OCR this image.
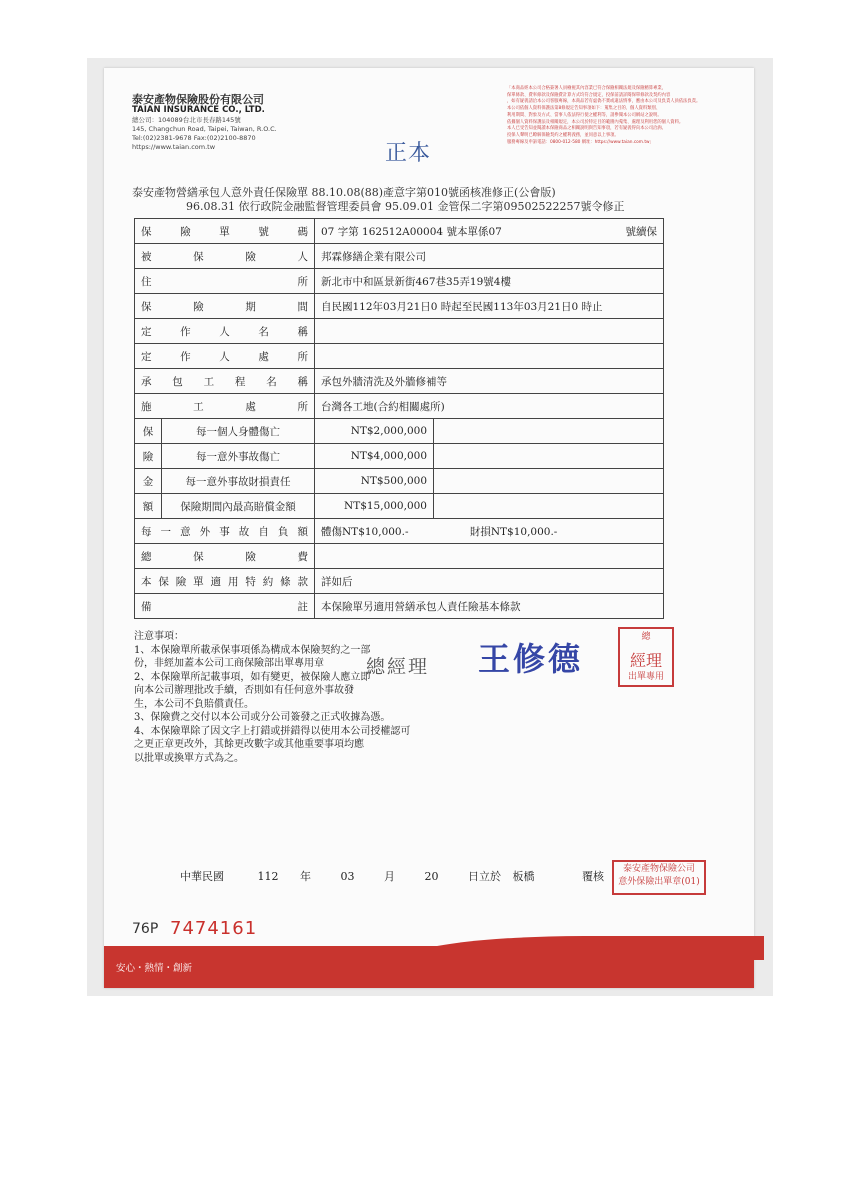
泰安產物保險股份有限公司
TAIAN INSURANCE CO., LTD.
總公司：104089台北市長春路145號
145, Changchun Road, Taipei, Taiwan, R.O.C.
Tel:(02)2381-9678 Fax:(02)2100-8870
https://www.taian.com.tw
「本商品經本公司合格簽署人員檢視其內容業已符合保險相關法規及保險精算專業，
保單條款、費率條款及保險費計算方式均符合規定，投保前請詳閱保單條款及契約內容
，如有疑義請洽本公司客服專線，本商品若有虛偽不實或違法情事，應由本公司及負責人員依法負責。
本公司依個人資料保護法第8條規定告知事項如下：蒐集之目的、個人資料類別、
利用期間、對象及方式、當事人依法得行使之權利等，請參閱本公司網站之說明。
依據個人資料保護法及相關規定，本公司於特定目的範圍內蒐集、處理及利用您的個人資料。
本人已受告知並閱讀本保險商品之相關說明與告知事項，若有疑義得向本公司洽詢。
投保人聲明已瞭解保險契約之權利義務，並同意以上事項。
服務專線及申訴電話：0800-012-580 網址：https://www.taian.com.tw」
正本
泰安產物營繕承包人意外責任保險單 88.10.08(88)產意字第010號函核准修正(公會版)
96.08.31 依行政院金融監督管理委員會 95.09.01 金管保二字第09502522257號令修正
保險單號碼		07 字第 162512A00004 號本單係07 號續保	

被保險人		邦霖修繕企業有限公司	
住所		新北市中和區景新街467巷35弄19號4樓	
保險期間		自民國112年03月21日0 時起至民國113年03月21日0 時止	
定作人名稱			
定作人處所			
承包工程名稱		承包外牆清洗及外牆修補等	
施工處所		台灣各工地(合約相關處所)	
保	每一個人身體傷亡	NT$2,000,000	
險	每一意外事故傷亡	NT$4,000,000	
金	每一意外事故財損責任	NT$500,000	
額	保險期間內最高賠償金額	NT$15,000,000	
每一意外事故自負額		體傷NT$10,000.- 財損NT$10,000.-	
總保險費			
本保險單適用特約條款		詳如后	
備註		本保險單另適用營繕承包人責任險基本條款	
注意事項：
1、本保險單所載承保事項係為構成本保險契約之一部
份，非經加蓋本公司工商保險部出單專用章
2、本保險單所記載事項，如有變更，被保險人應立即
向本公司辦理批改手續，否則如有任何意外事故發
生，本公司不負賠償責任。
3、保險費之交付以本公司或分公司簽發之正式收據為憑。
4、本保險單除了因文字上打錯或拼錯得以使用本公司授權認可
之更正章更改外，其餘更改數字或其他重要事項均應
以批單或換單方式為之。
總經理 王修德
總
經理
出單專用
中華民國	112 年	03	月	20	日立於 板橋	覆核
泰安產物保險公司
意外保險出單章(01)
76P 7474161
安心・熱情・創新
